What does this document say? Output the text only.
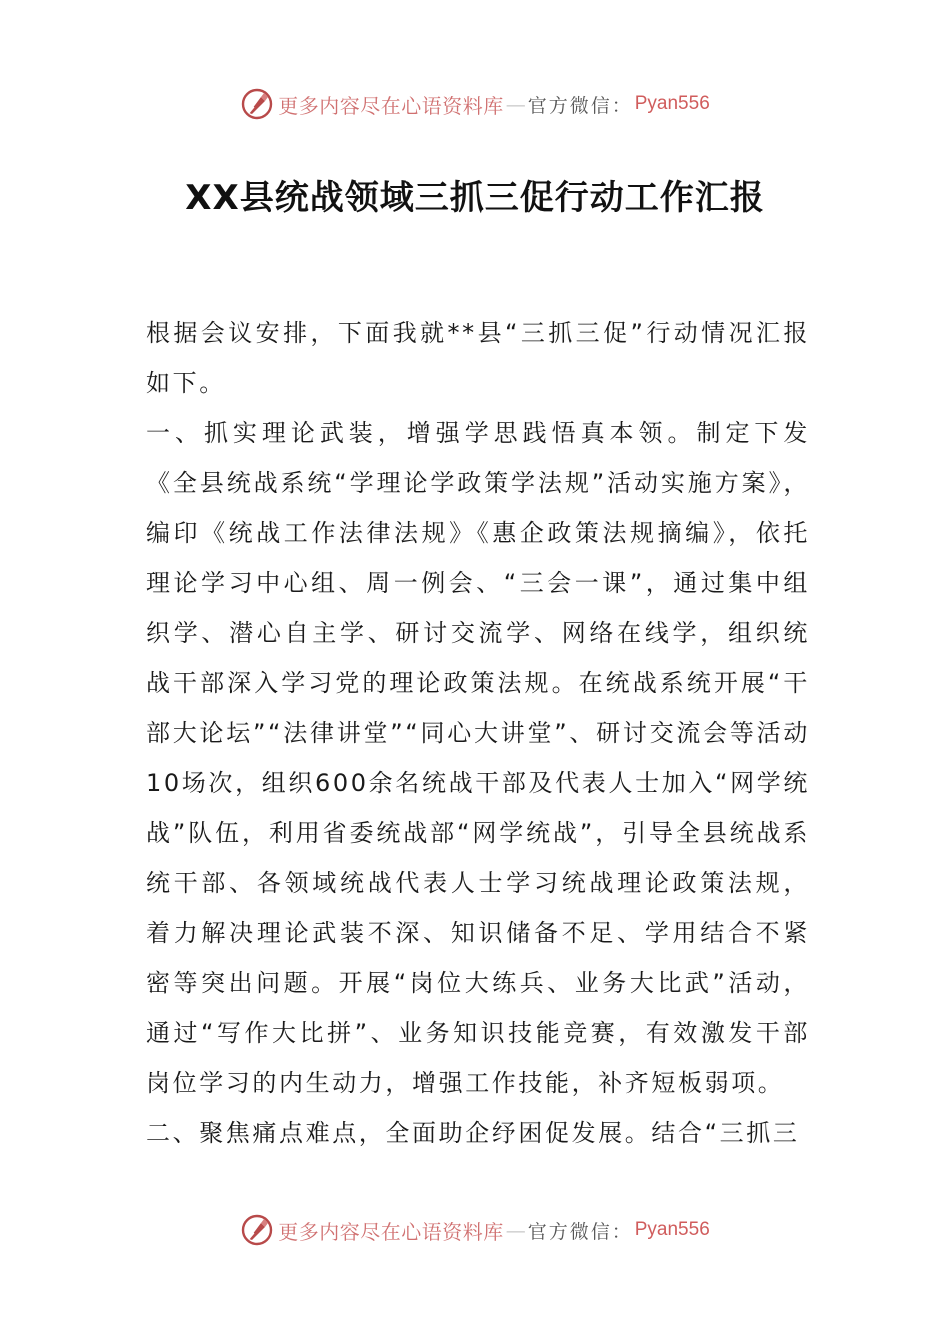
更多内容尽在心语资料库 — 官方微信： Pyan556
XX县统战领域三抓三促行动工作汇报

根据会议安排，下面我就**县“三抓三促”行动情况汇报如下。

一、抓实理论武装，增强学思践悟真本领。制定下发《全县统战系统“学理论学政策学法规”活动实施方案》，编印《统战工作法律法规》《惠企政策法规摘编》，依托理论学习中心组、周一例会、“三会一课”，通过集中组织学、潜心自主学、研讨交流学、网络在线学，组织统战干部深入学习党的理论政策法规。在统战系统开展“干部大论坛”“法律讲堂”“同心大讲堂”、研讨交流会等活动10场次，组织600余名统战干部及代表人士加入“网学统战”队伍，利用省委统战部“网学统战”，引导全县统战系统干部、各领域统战代表人士学习统战理论政策法规，着力解决理论武装不深、知识储备不足、学用结合不紧密等突出问题。开展“岗位大练兵、业务大比武”活动，通过“写作大比拼”、业务知识技能竞赛，有效激发干部岗位学习的内生动力，增强工作技能，补齐短板弱项。

二、聚焦痛点难点，全面助企纾困促发展。结合“三抓三

更多内容尽在心语资料库 — 官方微信： Pyan556
